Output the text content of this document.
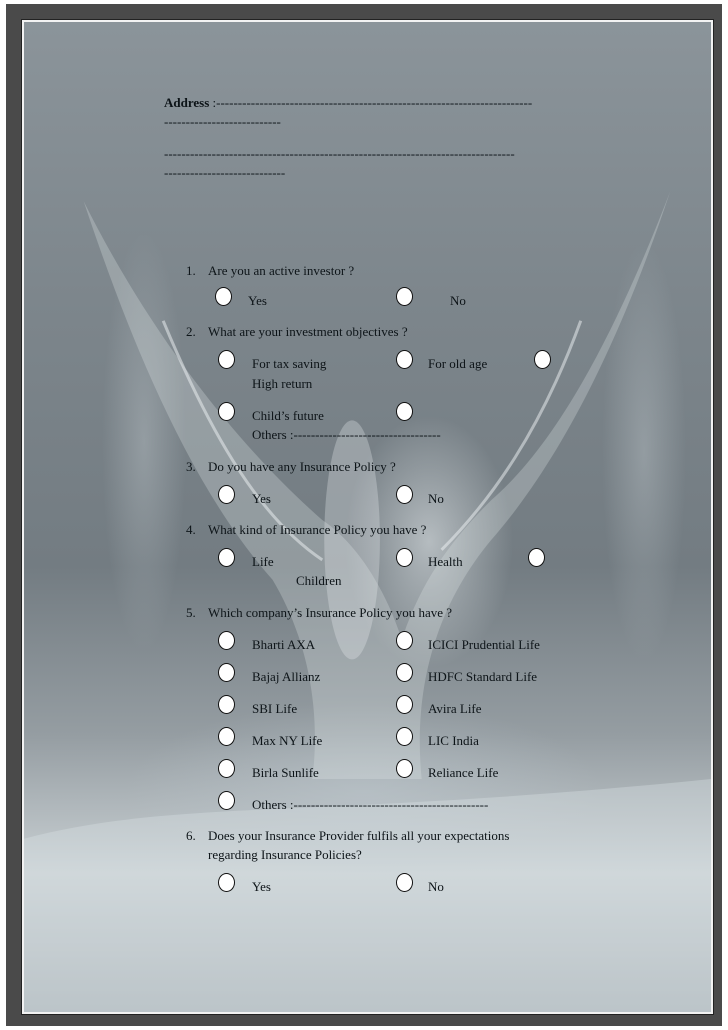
Address :-------------------------------------------------------------------------
---------------------------
---------------------------------------------------------------------------------
----------------------------
1. Are you an active investor ?
Yes	No
2. What are your investment objectives ?
For tax saving	For old age
High return
Child’s future
Others :----------------------------------
3. Do you have any Insurance Policy ?
Yes	No
4. What kind of Insurance Policy you have ?
Life	Health
Children
5. Which company’s Insurance Policy you have ?
Bharti AXA	ICICI Prudential Life
Bajaj Allianz	HDFC Standard Life
SBI Life	Avira Life
Max NY Life	LIC India
Birla Sunlife	Reliance Life
Others :---------------------------------------------
6. Does your Insurance Provider fulfils all your expectations
regarding Insurance Policies?
Yes	No
